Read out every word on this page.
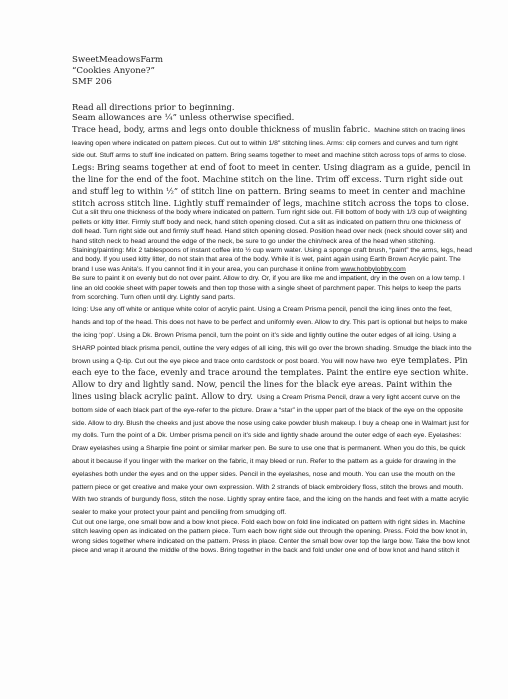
SweetMeadowsFarm
“Cookies Anyone?”
SMF 206

Read all directions prior to beginning.

Seam allowances are ¼” unless otherwise specified.

Trace head, body, arms and legs onto double thickness of muslin fabric. Machine stitch on tracing lines leaving open where indicated on pattern pieces. Cut out to within 1/8" stitching lines. Arms: clip corners and curves and turn right side out. Stuff arms to stuff line indicated on pattern. Bring seams together to meet and machine stitch across tops of arms to close. Legs: Bring seams together at end of foot to meet in center. Using diagram as a guide, pencil in the line for the end of the foot. Machine stitch on the line. Trim off excess. Turn right side out and stuff leg to within ½” of stitch line on pattern. Bring seams to meet in center and machine stitch across stitch line. Lightly stuff remainder of legs, machine stitch across the tops to close.

Cut a slit thru one thickness of the body where indicated on pattern. Turn right side out. Fill bottom of body with 1/3 cup of weighting pellets or kitty litter. Firmly stuff body and neck, hand stitch opening closed. Cut a slit as indicated on pattern thru one thickness of doll head. Turn right side out and firmly stuff head. Hand stitch opening closed. Position head over neck (neck should cover slit) and hand stitch neck to head around the edge of the neck, be sure to go under the chin/neck area of the head when stitching.

Staining/painting: Mix 2 tablespoons of instant coffee into ½ cup warm water. Using a sponge craft brush, “paint” the arms, legs, head and body. If you used kitty litter, do not stain that area of the body. While it is wet, paint again using Earth Brown Acrylic paint. The brand I use was Anita’s. If you cannot find it in your area, you can purchase it online from www.hobbylobby.com

Be sure to paint it on evenly but do not over paint. Allow to dry. Or, if you are like me and impatient, dry in the oven on a low temp. I line an old cookie sheet with paper towels and then top those with a single sheet of parchment paper. This helps to keep the parts from scorching. Turn often until dry. Lightly sand parts.

Icing: Use any off white or antique white color of acrylic paint. Using a Cream Prisma pencil, pencil the icing lines onto the feet, hands and top of the head. This does not have to be perfect and uniformly even. Allow to dry. This part is optional but helps to make the icing ‘pop’. Using a Dk. Brown Prisma pencil, turn the point on it’s side and lightly outline the outer edges of all icing. Using a SHARP pointed black prisma pencil, outline the very edges of all icing, this will go over the brown shading. Smudge the black into the brown using a Q-tip. Cut out the eye piece and trace onto cardstock or post board. You will now have two eye templates. Pin each eye to the face, evenly and trace around the templates. Paint the entire eye section white. Allow to dry and lightly sand. Now, pencil the lines for the black eye areas. Paint within the lines using black acrylic paint. Allow to dry. Using a Cream Prisma Pencil, draw a very light accent curve on the bottom side of each black part of the eye-refer to the picture. Draw a “star” in the upper part of the black of the eye on the opposite side. Allow to dry. Blush the cheeks and just above the nose using cake powder blush makeup. I buy a cheap one in Walmart just for my dolls. Turn the point of a Dk. Umber prisma pencil on it’s side and lightly shade around the outer edge of each eye. Eyelashes: Draw eyelashes using a Sharpie fine point or similar marker pen. Be sure to use one that is permanent. When you do this, be quick about it because if you linger with the marker on the fabric, it may bleed or run. Refer to the pattern as a guide for drawing in the eyelashes both under the eyes and on the upper sides. Pencil in the eyelashes, nose and mouth. You can use the mouth on the pattern piece or get creative and make your own expression. With 2 strands of black embroidery floss, stitch the brows and mouth. With two strands of burgundy floss, stitch the nose. Lightly spray entire face, and the icing on the hands and feet with a matte acrylic sealer to make your protect your paint and penciling from smudging off.

Cut out one large, one small bow and a bow knot piece. Fold each bow on fold line indicated on pattern with right sides in. Machine stitch leaving open as indicated on the pattern piece. Turn each bow right side out through the opening. Press. Fold the bow knot in, wrong sides together where indicated on the pattern. Press in place. Center the small bow over top the large bow. Take the bow knot piece and wrap it around the middle of the bows. Bring together in the back and fold under one end of bow knot and hand stitch it
